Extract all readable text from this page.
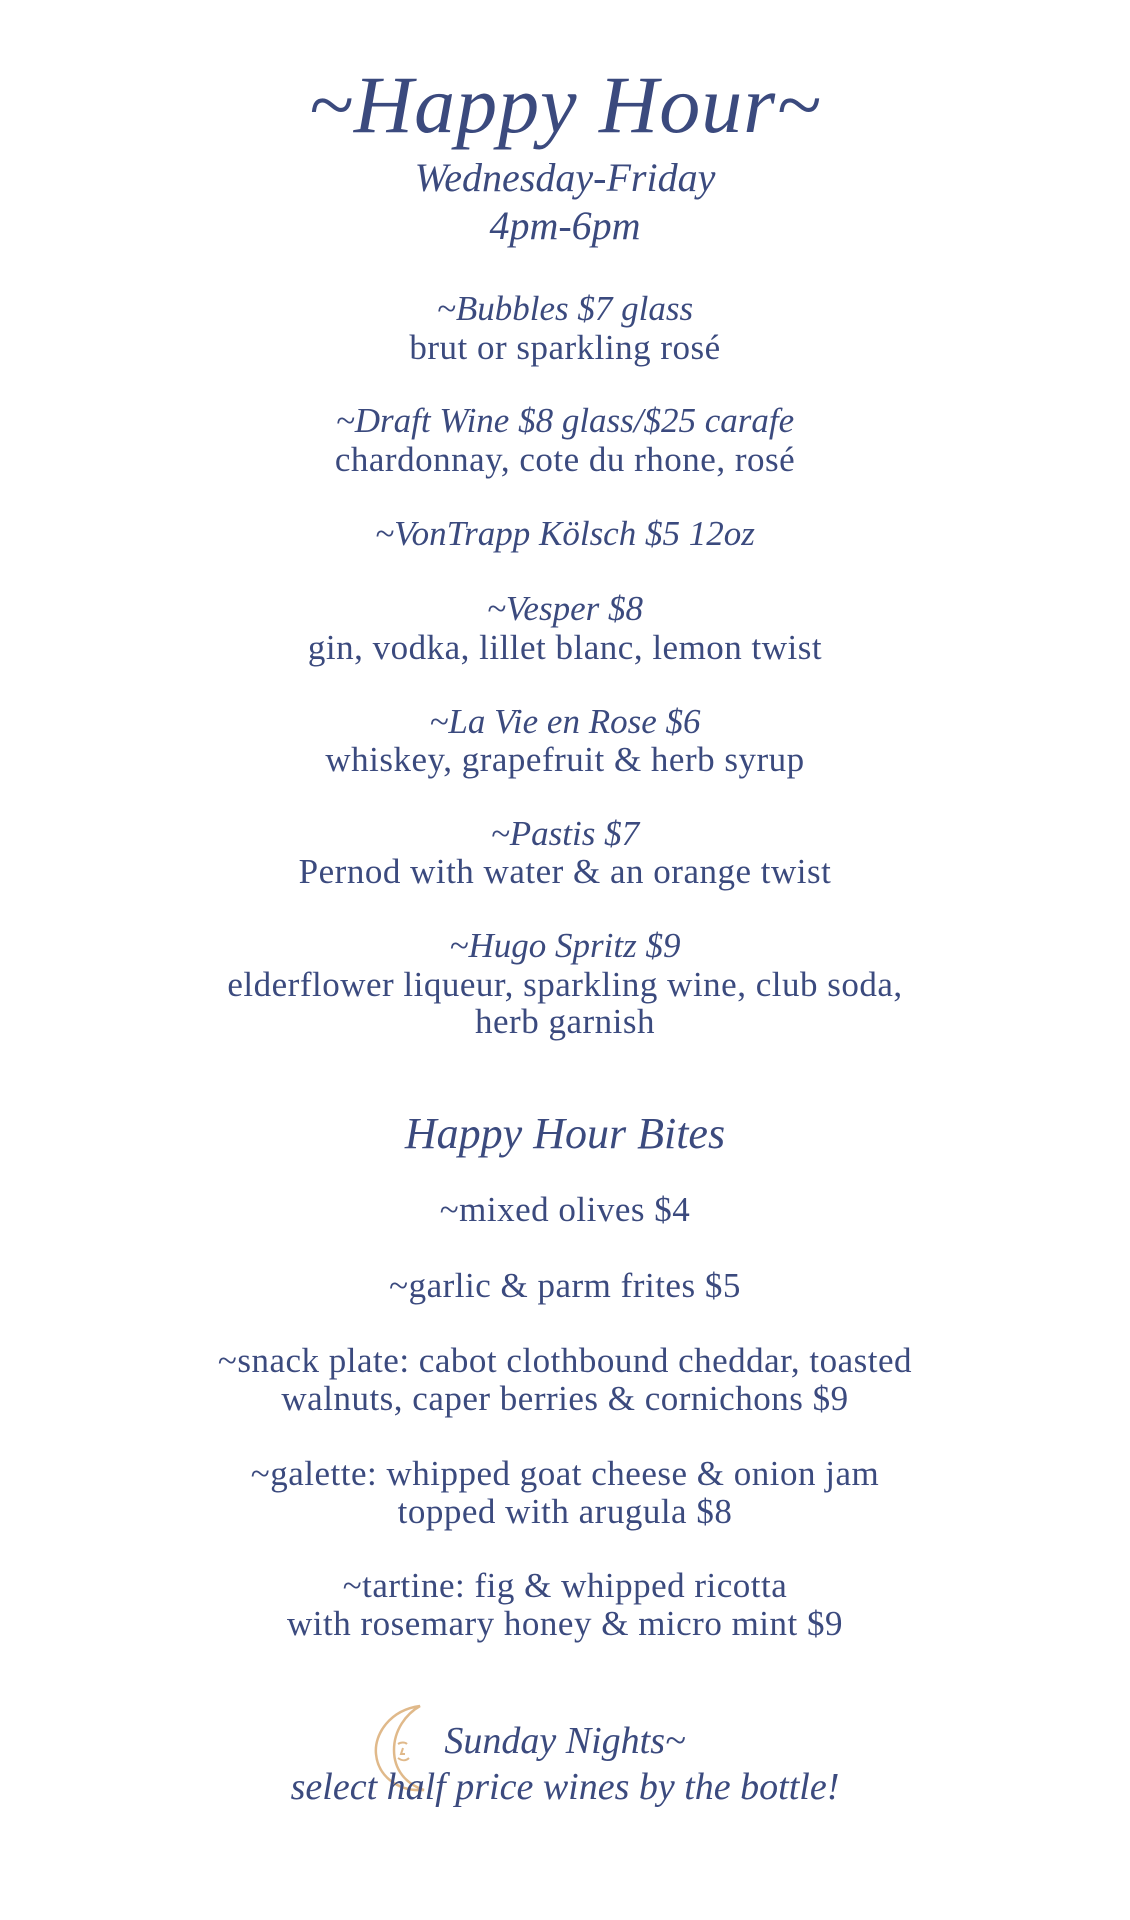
~Happy Hour~
Wednesday-Friday
4pm-6pm
~Bubbles $7 glass
brut or sparkling rosé
~Draft Wine $8 glass/$25 carafe
chardonnay, cote du rhone, rosé
~VonTrapp Kölsch $5 12oz
~Vesper $8
gin, vodka, lillet blanc, lemon twist
~La Vie en Rose $6
whiskey, grapefruit & herb syrup
~Pastis $7
Pernod with water & an orange twist
~Hugo Spritz $9
elderflower liqueur, sparkling wine, club soda,
herb garnish
Happy Hour Bites
~mixed olives $4
~garlic & parm frites $5
~snack plate: cabot clothbound cheddar, toasted
walnuts, caper berries & cornichons $9
~galette: whipped goat cheese & onion jam
topped with arugula $8
~tartine: fig & whipped ricotta
with rosemary honey & micro mint $9
Sunday Nights~
select half price wines by the bottle!
